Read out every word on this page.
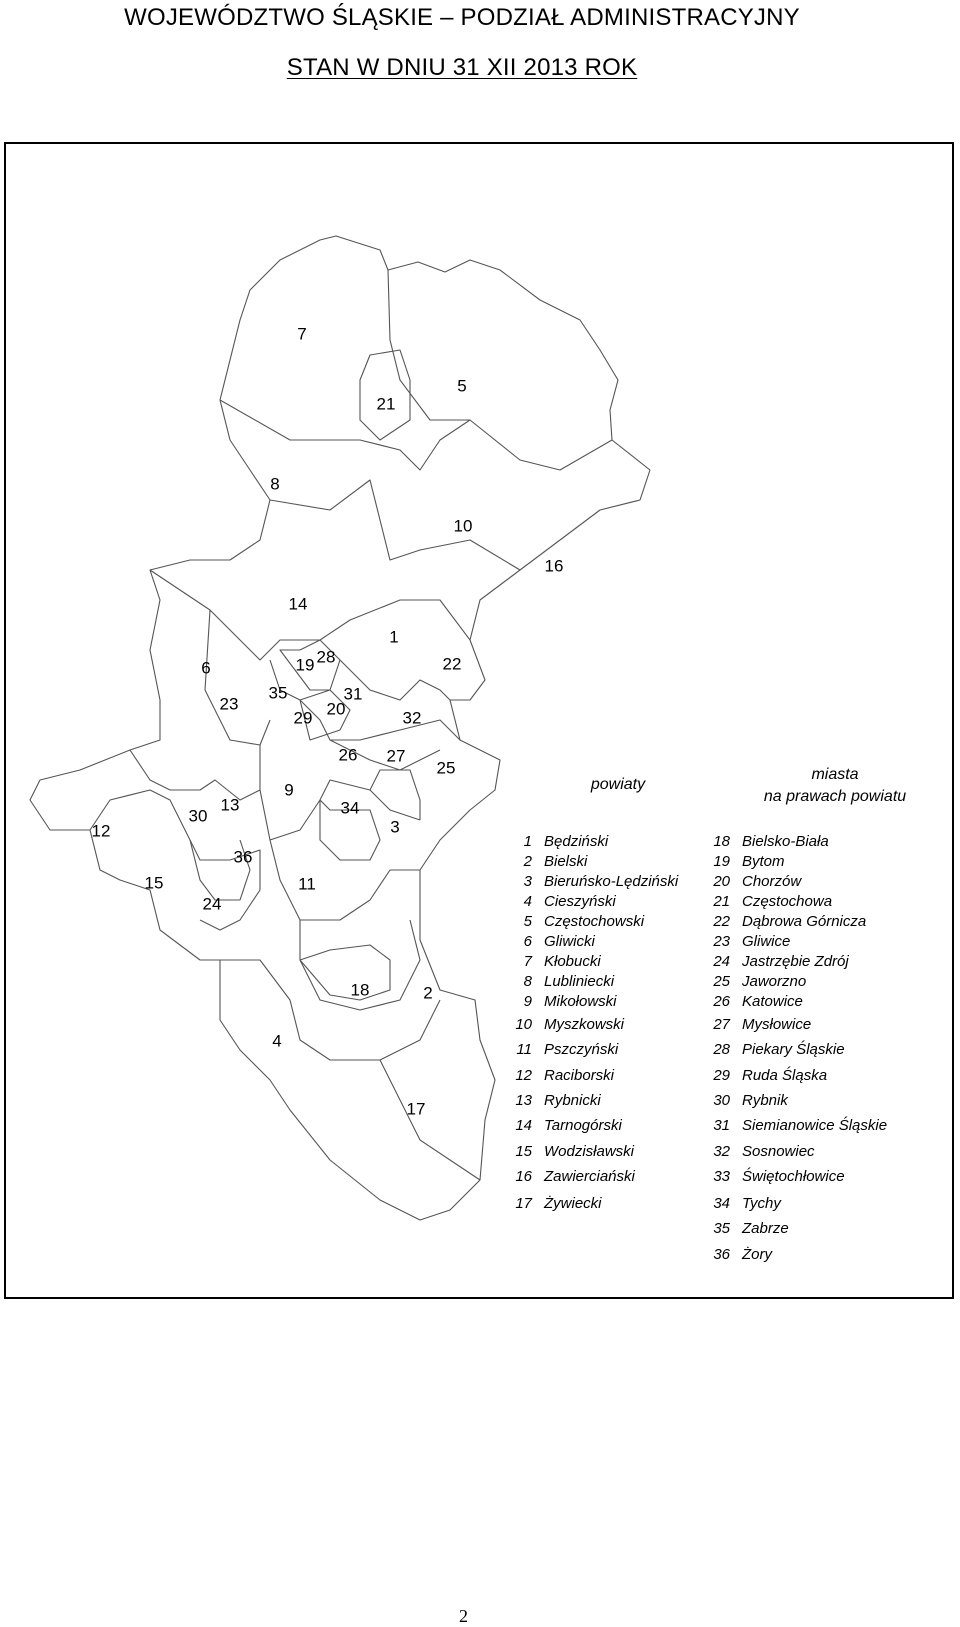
WOJEWÓDZTWO ŚLĄSKIE – PODZIAŁ ADMINISTRACYJNY
STAN W DNIU 31 XII 2013 ROK
7
21
5
8
10
16
14
1
6	19 28	22
23
35	31
20
29	32
26 27
25
9
13
30	34
12	3
36
15	11
24
18	2
4
17
powiaty
miasta
na prawach powiatu
1 Będziński
2 Bielski
3 Bieruńsko-Lędziński
4 Cieszyński
5 Częstochowski
6 Gliwicki
7 Kłobucki
8 Lubliniecki
9 Mikołowski
10 Myszkowski
11 Pszczyński
12 Raciborski
13 Rybnicki
14 Tarnogórski
15 Wodzisławski
16 Zawierciański
17 Żywiecki
18 Bielsko-Biała
19 Bytom
20 Chorzów
21 Częstochowa
22 Dąbrowa Górnicza
23 Gliwice
24 Jastrzębie Zdrój
25 Jaworzno
26 Katowice
27 Mysłowice
28 Piekary Śląskie
29 Ruda Śląska
30 Rybnik
31 Siemianowice Śląskie
32 Sosnowiec
33 Świętochłowice
34 Tychy
35 Zabrze
36 Żory
2
